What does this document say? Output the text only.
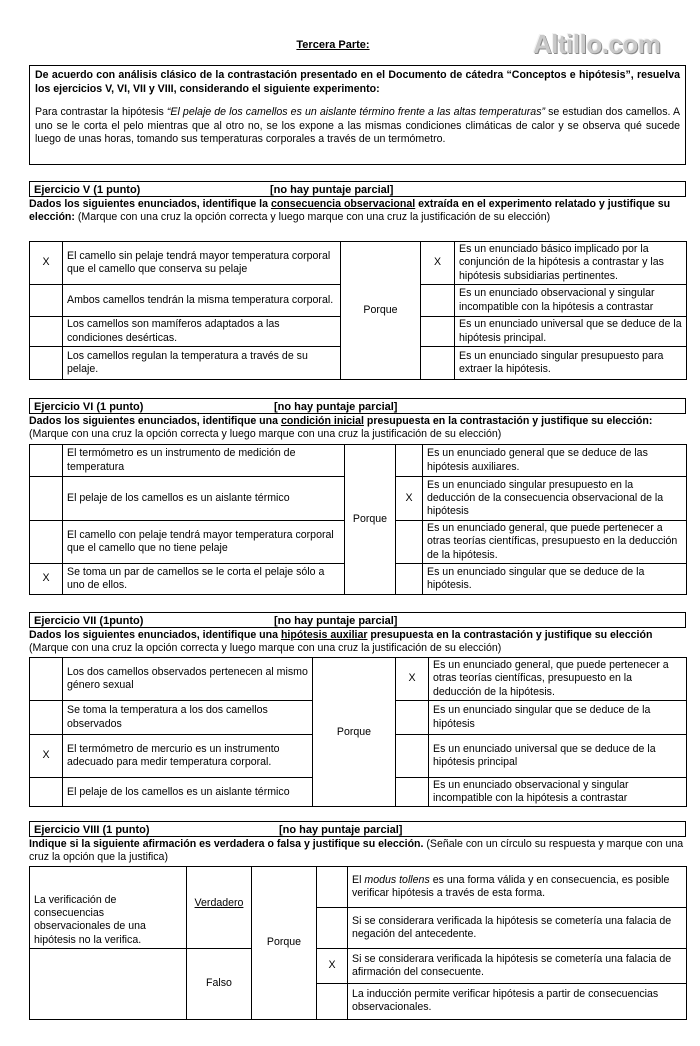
Tercera Parte:	Altillo.com

De acuerdo con análisis clásico de la contrastación presentado en el Documento de cátedra “Conceptos e hipótesis”, resuelva los ejercicios V, VI, VII y VIII, considerando el siguiente experimento:

Para contrastar la hipótesis “El pelaje de los camellos es un aislante término frente a las altas temperaturas” se estudian dos camellos. A uno se le corta el pelo mientras que al otro no, se los expone a las mismas condiciones climáticas de calor y se observa qué sucede luego de unas horas, tomando sus temperaturas corporales a través de un termómetro.

Ejercicio V (1 punto)	[no hay puntaje parcial]
Dados los siguientes enunciados, identifique la consecuencia observacional extraída en el experimento relatado y justifique su elección: (Marque con una cruz la opción correcta y luego marque con una cruz la justificación de su elección)
X	El camello sin pelaje tendrá mayor temperatura corporal que el camello que conserva su pelaje	Porque	X	Es un enunciado básico implicado por la conjunción de la hipótesis a contrastar y las hipótesis subsidiarias pertinentes.
	Ambos camellos tendrán la misma temperatura corporal.			Es un enunciado observacional y singular incompatible con la hipótesis a contrastar
	Los camellos son mamíferos adaptados a las condiciones desérticas.			Es un enunciado universal que se deduce de la hipótesis principal.
	Los camellos regulan la temperatura a través de su pelaje.			Es un enunciado singular presupuesto para extraer la hipótesis.
Ejercicio VI (1 punto)	[no hay puntaje parcial]
Dados los siguientes enunciados, identifique una condición inicial presupuesta en la contrastación y justifique su elección: (Marque con una cruz la opción correcta y luego marque con una cruz la justificación de su elección)
	El termómetro es un instrumento de medición de temperatura	Porque		Es un enunciado general que se deduce de las hipótesis auxiliares.
	El pelaje de los camellos es un aislante térmico		X	Es un enunciado singular presupuesto en la deducción de la consecuencia observacional de la hipótesis
	El camello con pelaje tendrá mayor temperatura corporal que el camello que no tiene pelaje			Es un enunciado general, que puede pertenecer a otras teorías científicas, presupuesto en la deducción de la hipótesis.
X	Se toma un par de camellos se le corta el pelaje sólo a uno de ellos.			Es un enunciado singular que se deduce de la hipótesis.
Ejercicio VII (1punto)	[no hay puntaje parcial]
Dados los siguientes enunciados, identifique una hipótesis auxiliar presupuesta en la contrastación y justifique su elección (Marque con una cruz la opción correcta y luego marque con una cruz la justificación de su elección)
	Los dos camellos observados pertenecen al mismo género sexual	Porque	X	Es un enunciado general, que puede pertenecer a otras teorías científicas, presupuesto en la deducción de la hipótesis.
	Se toma la temperatura a los dos camellos observados			Es un enunciado singular que se deduce de la hipótesis
X	El termómetro de mercurio es un instrumento adecuado para medir temperatura corporal.			Es un enunciado universal que se deduce de la hipótesis principal
	El pelaje de los camellos es un aislante térmico			Es un enunciado observacional y singular incompatible con la hipótesis a contrastar
Ejercicio VIII (1 punto)	[no hay puntaje parcial]
Indique si la siguiente afirmación es verdadera o falsa y justifique su elección. (Señale con un círculo su respuesta y marque con una cruz la opción que la justifica)
La verificación de consecuencias observacionales de una hipótesis no la verifica.	Verdadero	Porque		El modus tollens es una forma válida y en consecuencia, es posible verificar hipótesis a través de esta forma.
				Si se considerara verificada la hipótesis se cometería una falacia de negación del antecedente.
	Falso		X	Si se considerara verificada la hipótesis se cometería una falacia de afirmación del consecuente.
				La inducción permite verificar hipótesis a partir de consecuencias observacionales.
